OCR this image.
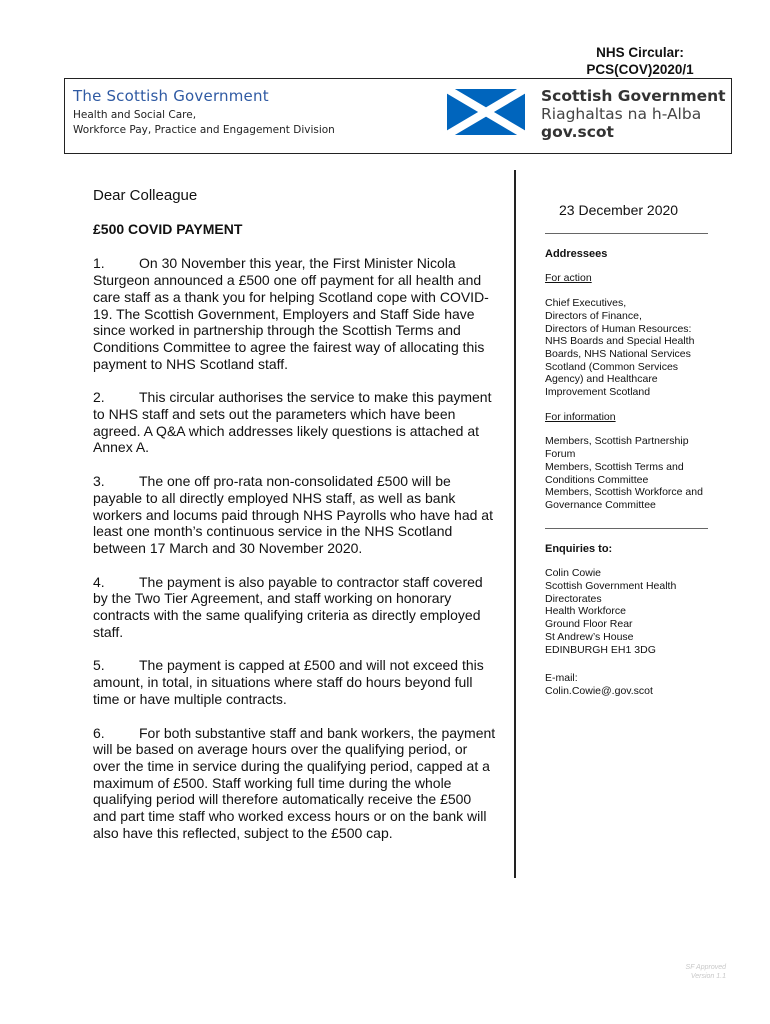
NHS Circular:
PCS(COV)2020/1
The Scottish Government
Health and Social Care,
Workforce Pay, Practice and Engagement Division
Scottish Government
Riaghaltas na h-Alba
gov.scot
Dear Colleague
£500 COVID PAYMENT
1. On 30 November this year, the First Minister Nicola Sturgeon announced a £500 one off payment for all health and care staff as a thank you for helping Scotland cope with COVID-19. The Scottish Government, Employers and Staff Side have since worked in partnership through the Scottish Terms and Conditions Committee to agree the fairest way of allocating this payment to NHS Scotland staff.
2. This circular authorises the service to make this payment to NHS staff and sets out the parameters which have been agreed. A Q&A which addresses likely questions is attached at Annex A.
3. The one off pro-rata non-consolidated £500 will be payable to all directly employed NHS staff, as well as bank workers and locums paid through NHS Payrolls who have had at least one month’s continuous service in the NHS Scotland between 17 March and 30 November 2020.
4. The payment is also payable to contractor staff covered by the Two Tier Agreement, and staff working on honorary contracts with the same qualifying criteria as directly employed staff.
5. The payment is capped at £500 and will not exceed this amount, in total, in situations where staff do hours beyond full time or have multiple contracts.
6. For both substantive staff and bank workers, the payment will be based on average hours over the qualifying period, or over the time in service during the qualifying period, capped at a maximum of £500. Staff working full time during the whole qualifying period will therefore automatically receive the £500 and part time staff who worked excess hours or on the bank will also have this reflected, subject to the £500 cap.
23 December 2020
Addressees
For action
Chief Executives,
Directors of Finance,
Directors of Human Resources:
NHS Boards and Special Health
Boards, NHS National Services
Scotland (Common Services
Agency) and Healthcare
Improvement Scotland
For information
Members, Scottish Partnership
Forum
Members, Scottish Terms and
Conditions Committee
Members, Scottish Workforce and
Governance Committee
Enquiries to:
Colin Cowie
Scottish Government Health
Directorates
Health Workforce
Ground Floor Rear
St Andrew’s House
EDINBURGH EH1 3DG
E-mail:
Colin.Cowie@.gov.scot
SF Approved
Version 1.1
